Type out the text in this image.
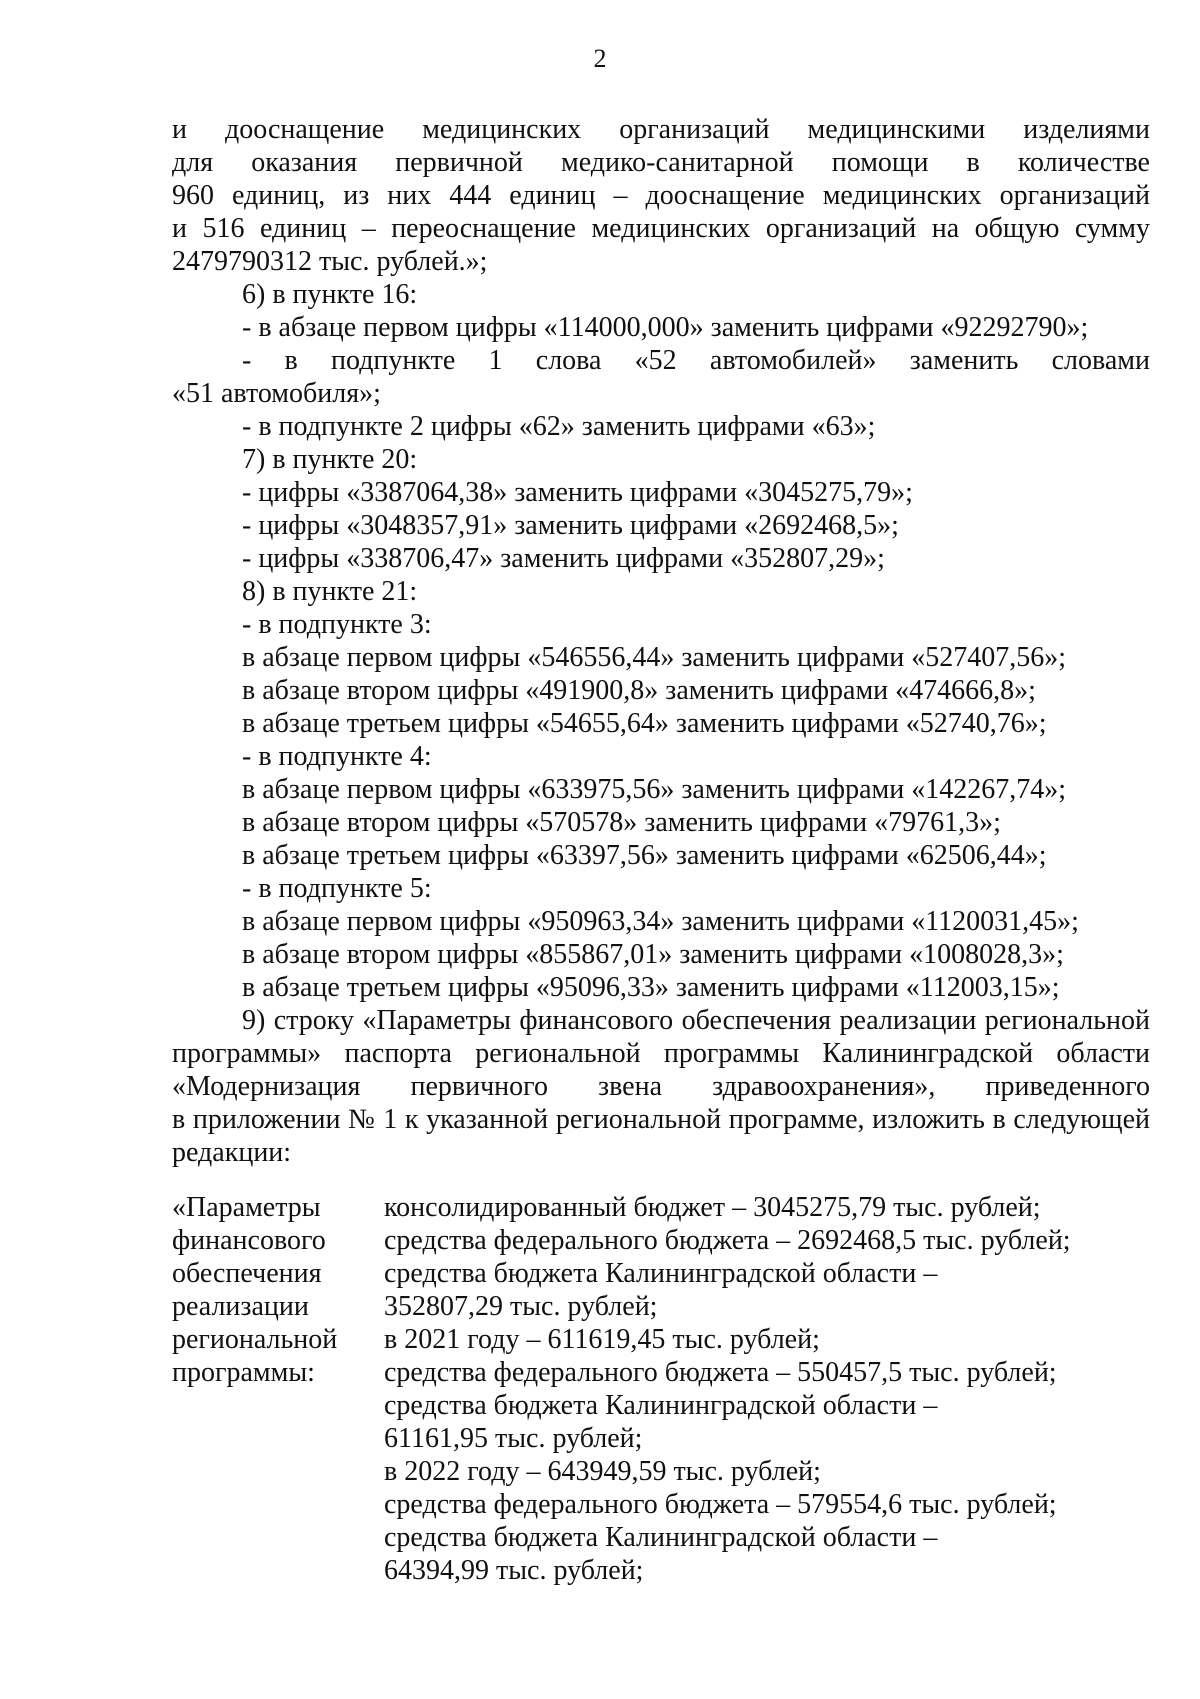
2
и дооснащение медицинских организаций медицинскими изделиями
для оказания первичной медико-санитарной помощи в количестве
960 единиц, из них 444 единиц – дооснащение медицинских организаций
и 516 единиц – переоснащение медицинских организаций на общую сумму
2479790312 тыс. рублей.»;
6) в пункте 16:
- в абзаце первом цифры «114000,000» заменить цифрами «92292790»;
- в подпункте 1 слова «52 автомобилей» заменить словами
«51 автомобиля»;
- в подпункте 2 цифры «62» заменить цифрами «63»;
7) в пункте 20:
- цифры «3387064,38» заменить цифрами «3045275,79»;
- цифры «3048357,91» заменить цифрами «2692468,5»;
- цифры «338706,47» заменить цифрами «352807,29»;
8) в пункте 21:
- в подпункте 3:
в абзаце первом цифры «546556,44» заменить цифрами «527407,56»;
в абзаце втором цифры «491900,8» заменить цифрами «474666,8»;
в абзаце третьем цифры «54655,64» заменить цифрами «52740,76»;
- в подпункте 4:
в абзаце первом цифры «633975,56» заменить цифрами «142267,74»;
в абзаце втором цифры «570578» заменить цифрами «79761,3»;
в абзаце третьем цифры «63397,56» заменить цифрами «62506,44»;
- в подпункте 5:
в абзаце первом цифры «950963,34» заменить цифрами «1120031,45»;
в абзаце втором цифры «855867,01» заменить цифрами «1008028,3»;
в абзаце третьем цифры «95096,33» заменить цифрами «112003,15»;
9) строку «Параметры финансового обеспечения реализации региональной
программы» паспорта региональной программы Калининградской области
«Модернизация первичного звена здравоохранения», приведенного
в приложении № 1 к указанной региональной программе, изложить в следующей
редакции:
«Параметры
финансового
обеспечения
реализации
региональной
программы:
консолидированный бюджет – 3045275,79 тыс. рублей;
средства федерального бюджета – 2692468,5 тыс. рублей;
средства бюджета Калининградской области –
352807,29 тыс. рублей;
в 2021 году – 611619,45 тыс. рублей;
средства федерального бюджета – 550457,5 тыс. рублей;
средства бюджета Калининградской области –
61161,95 тыс. рублей;
в 2022 году – 643949,59 тыс. рублей;
средства федерального бюджета – 579554,6 тыс. рублей;
средства бюджета Калининградской области –
64394,99 тыс. рублей;
